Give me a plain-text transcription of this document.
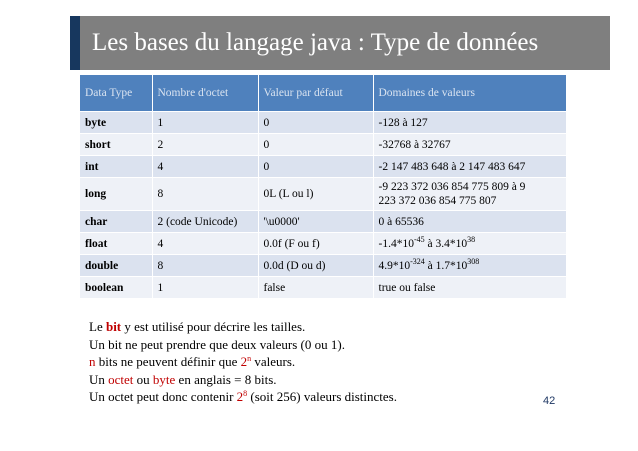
Les bases du langage java : Type de données
Data Type	Nombre d'octet	Valeur par défaut	Domaines de valeurs
byte	1	0	-128 à 127
short	2	0	-32768 à 32767
int	4	0	-2 147 483 648 à 2 147 483 647
long	8	0L (L ou l)	-9 223 372 036 854 775 809 à 9
223 372 036 854 775 807
char	2 (code Unicode)	'\u0000'	0 à 65536
float	4	0.0f (F ou f)	$-1.4*10^{-45}$ à $3.4*10^{38}$
double	8	0.0d (D ou d)	$4.9*10^{-324}$ à $1.7*10^{308}$
boolean	1	false	true ou false
Le bit y est utilisé pour décrire les tailles.
Un bit ne peut prendre que deux valeurs (0 ou 1).
n bits ne peuvent définir que 2$^n$ valeurs.
Un octet ou byte en anglais = 8 bits.
Un octet peut donc contenir $2^8$ (soit 256) valeurs distinctes.	42
